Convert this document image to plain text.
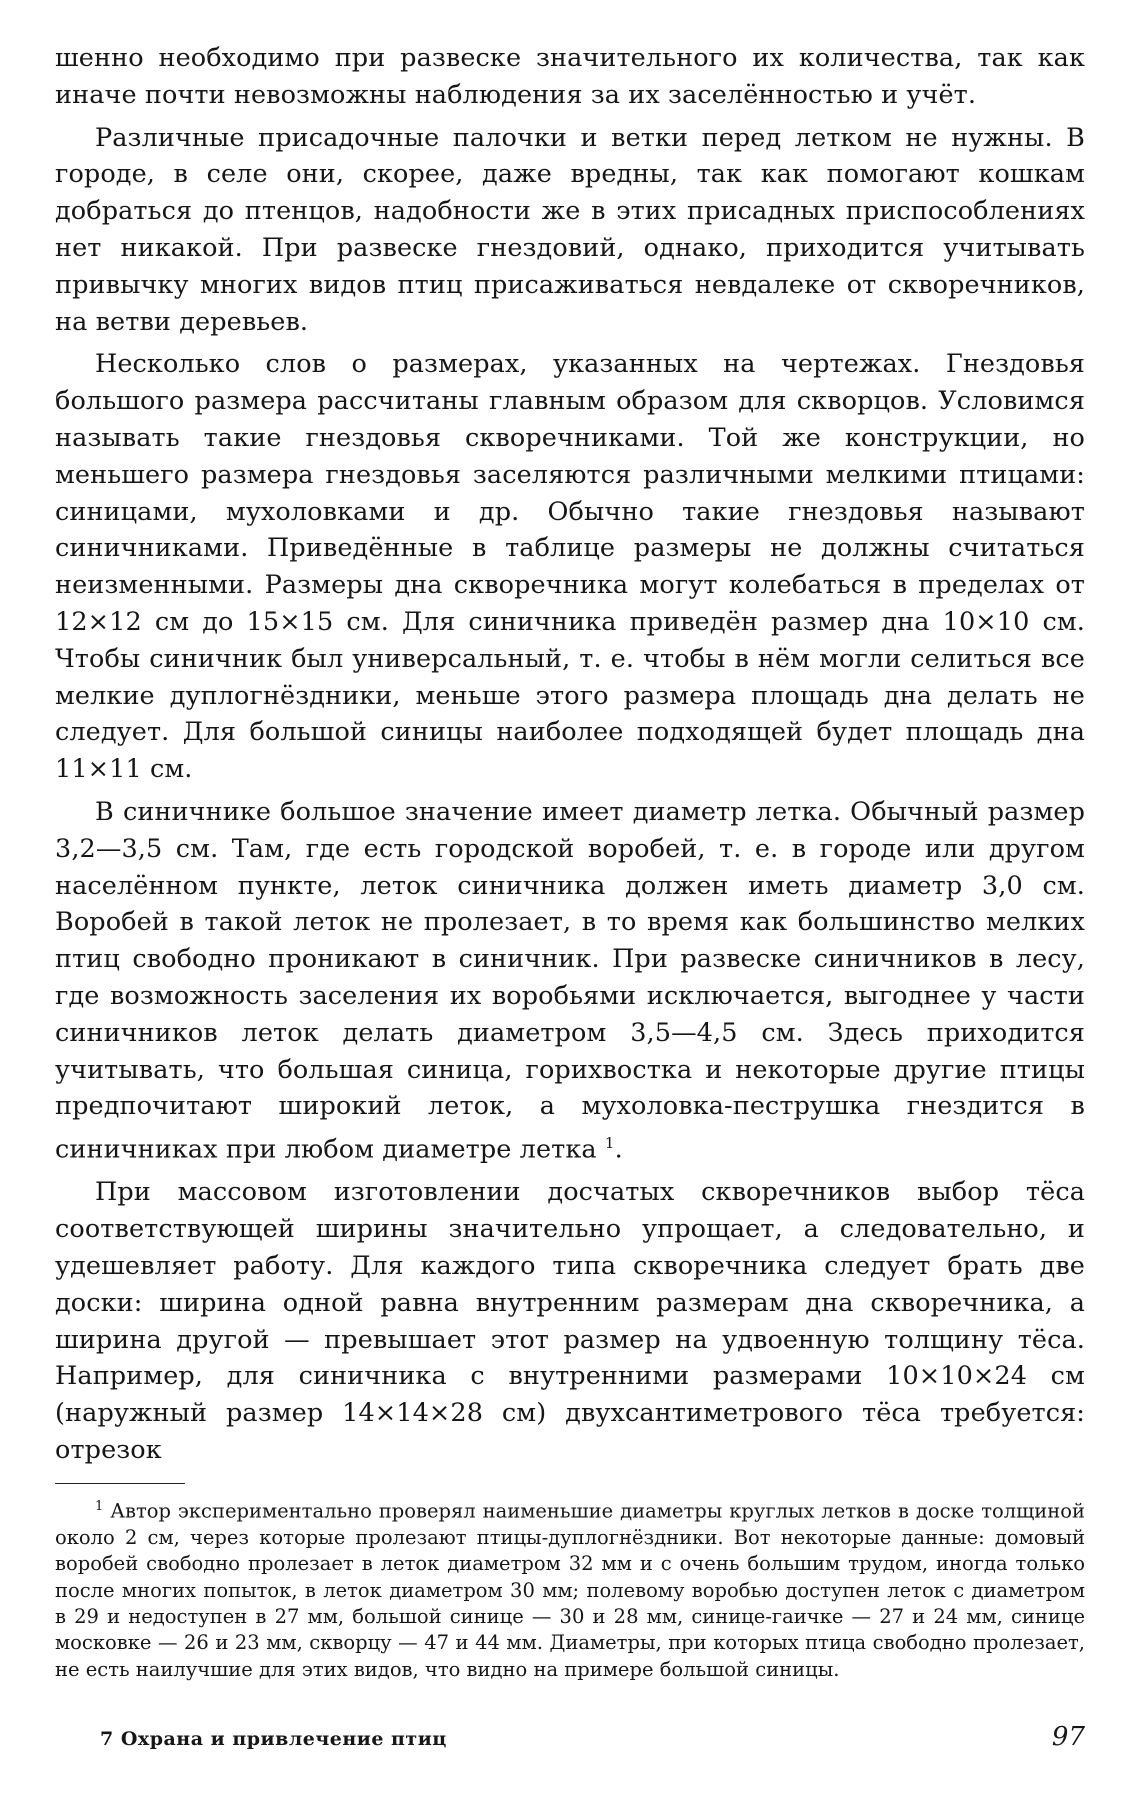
шенно необходимо при развеске значительного их количества, так как иначе почти невозможны наблюдения за их заселённостью и учёт.

Различные присадочные палочки и ветки перед летком не нужны. В городе, в селе они, скорее, даже вредны, так как помогают кошкам добраться до птенцов, надобности же в этих присадных приспособлениях нет никакой. При развеске гнездовий, однако, приходится учитывать привычку многих видов птиц присаживаться невдалеке от скворечников, на ветви деревьев.

Несколько слов о размерах, указанных на чертежах. Гнездовья большого размера рассчитаны главным образом для скворцов. Условимся называть такие гнездовья скворечниками. Той же конструкции, но меньшего размера гнездовья заселяются различными мелкими птицами: синицами, мухоловками и др. Обычно такие гнездовья называют синичниками. Приведённые в таблице размеры не должны считаться неизменными. Размеры дна скворечника могут колебаться в пределах от 12×12 см до 15×15 см. Для синичника приведён размер дна 10×10 см. Чтобы синичник был универсальный, т. е. чтобы в нём могли селиться все мелкие дуплогнёздники, меньше этого размера площадь дна делать не следует. Для большой синицы наиболее подходящей будет площадь дна 11×11 см.

В синичнике большое значение имеет диаметр летка. Обычный размер 3,2—3,5 см. Там, где есть городской воробей, т. е. в городе или другом населённом пункте, леток синичника должен иметь диаметр 3,0 см. Воробей в такой леток не пролезает, в то время как большинство мелких птиц свободно проникают в синичник. При развеске синичников в лесу, где возможность заселения их воробьями исключается, выгоднее у части синичников леток делать диаметром 3,5—4,5 см. Здесь приходится учитывать, что большая синица, горихвостка и некоторые другие птицы предпочитают широкий леток, а мухоловка-пеструшка гнездится в синичниках при любом диаметре летка $^1$.

При массовом изготовлении досчатых скворечников выбор тёса соответствующей ширины значительно упрощает, а следовательно, и удешевляет работу. Для каждого типа скворечника следует брать две доски: ширина одной равна внутренним размерам дна скворечника, а ширина другой — превышает этот размер на удвоенную толщину тёса. Например, для синичника с внутренними размерами 10×10×24 см (наружный размер 14×14×28 см) двухсантиметрового тёса требуется: отрезок

$^1$ Автор экспериментально проверял наименьшие диаметры круглых летков в доске толщиной около 2 см, через которые пролезают птицы-дуплогнёздники. Вот некоторые данные: домовый воробей свободно пролезает в леток диаметром 32 мм и с очень большим трудом, иногда только после многих попыток, в леток диаметром 30 мм; полевому воробью доступен леток с диаметром в 29 и недоступен в 27 мм, большой синице — 30 и 28 мм, синице-гаичке — 27 и 24 мм, синице московке — 26 и 23 мм, скворцу — 47 и 44 мм. Диаметры, при которых птица свободно пролезает, не есть наилучшие для этих видов, что видно на примере большой синицы.

7 Охрана и привлечение птиц	97
